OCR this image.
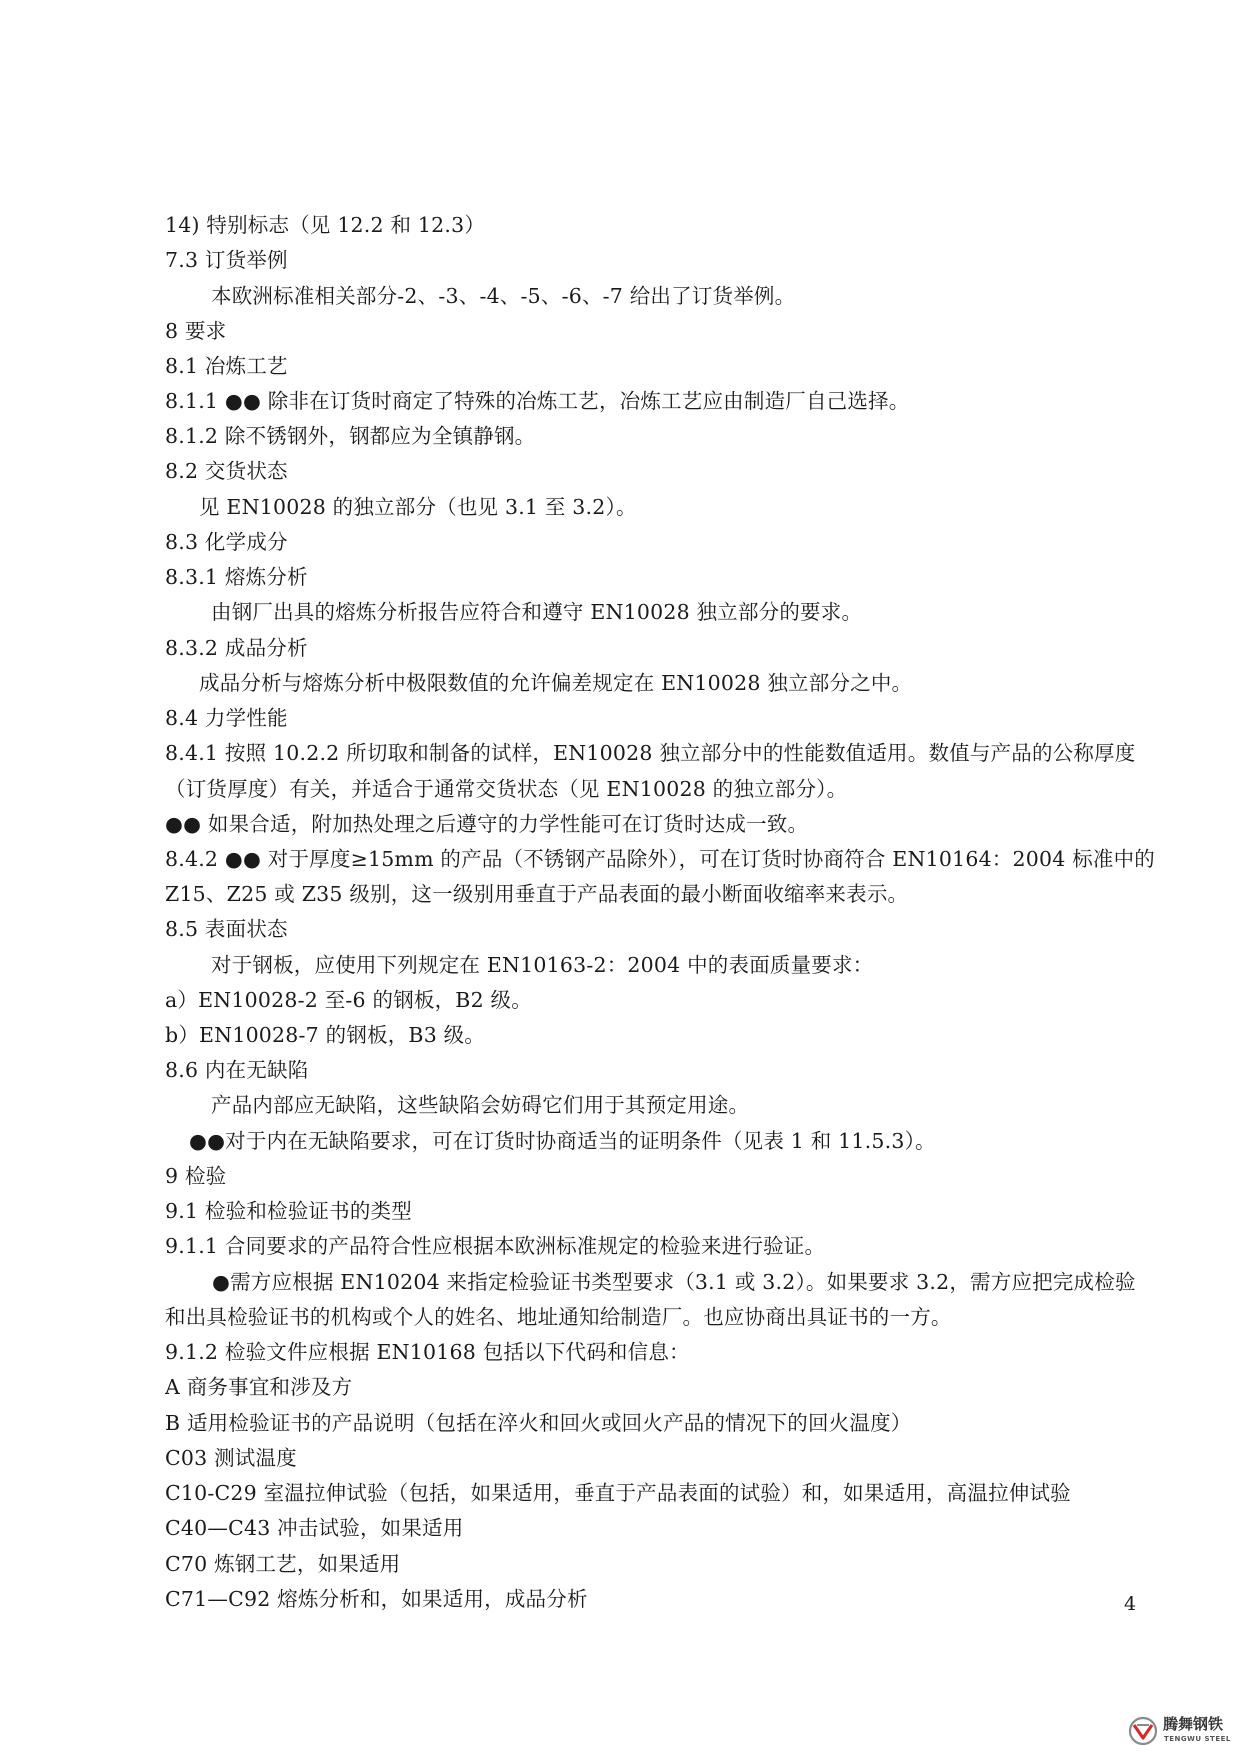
14) 特别标志（见 12.2 和 12.3）
7.3 订货举例
本欧洲标准相关部分-2、-3、-4、-5、-6、-7 给出了订货举例。
8 要求
8.1 冶炼工艺
8.1.1 ●● 除非在订货时商定了特殊的冶炼工艺，冶炼工艺应由制造厂自己选择。
8.1.2 除不锈钢外，钢都应为全镇静钢。
8.2 交货状态
见 EN10028 的独立部分（也见 3.1 至 3.2）。
8.3 化学成分
8.3.1 熔炼分析
由钢厂出具的熔炼分析报告应符合和遵守 EN10028 独立部分的要求。
8.3.2 成品分析
成品分析与熔炼分析中极限数值的允许偏差规定在 EN10028 独立部分之中。
8.4 力学性能
8.4.1 按照 10.2.2 所切取和制备的试样，EN10028 独立部分中的性能数值适用。数值与产品的公称厚度
（订货厚度）有关，并适合于通常交货状态（见 EN10028 的独立部分）。
●● 如果合适，附加热处理之后遵守的力学性能可在订货时达成一致。
8.4.2 ●● 对于厚度≥15mm 的产品（不锈钢产品除外），可在订货时协商符合 EN10164：2004 标准中的
Z15、Z25 或 Z35 级别，这一级别用垂直于产品表面的最小断面收缩率来表示。
8.5 表面状态
对于钢板，应使用下列规定在 EN10163-2：2004 中的表面质量要求：
a）EN10028-2 至-6 的钢板，B2 级。
b）EN10028-7 的钢板，B3 级。
8.6 内在无缺陷
产品内部应无缺陷，这些缺陷会妨碍它们用于其预定用途。
●●对于内在无缺陷要求，可在订货时协商适当的证明条件（见表 1 和 11.5.3）。
9 检验
9.1 检验和检验证书的类型
9.1.1 合同要求的产品符合性应根据本欧洲标准规定的检验来进行验证。
●需方应根据 EN10204 来指定检验证书类型要求（3.1 或 3.2）。如果要求 3.2，需方应把完成检验
和出具检验证书的机构或个人的姓名、地址通知给制造厂。也应协商出具证书的一方。
9.1.2 检验文件应根据 EN10168 包括以下代码和信息：
A 商务事宜和涉及方
B 适用检验证书的产品说明（包括在淬火和回火或回火产品的情况下的回火温度）
C03 测试温度
C10-C29 室温拉伸试验（包括，如果适用，垂直于产品表面的试验）和，如果适用，高温拉伸试验
C40—C43 冲击试验，如果适用
C70 炼钢工艺，如果适用
C71—C92 熔炼分析和，如果适用，成品分析	4
腾舞钢铁
TENGWU STEEL
